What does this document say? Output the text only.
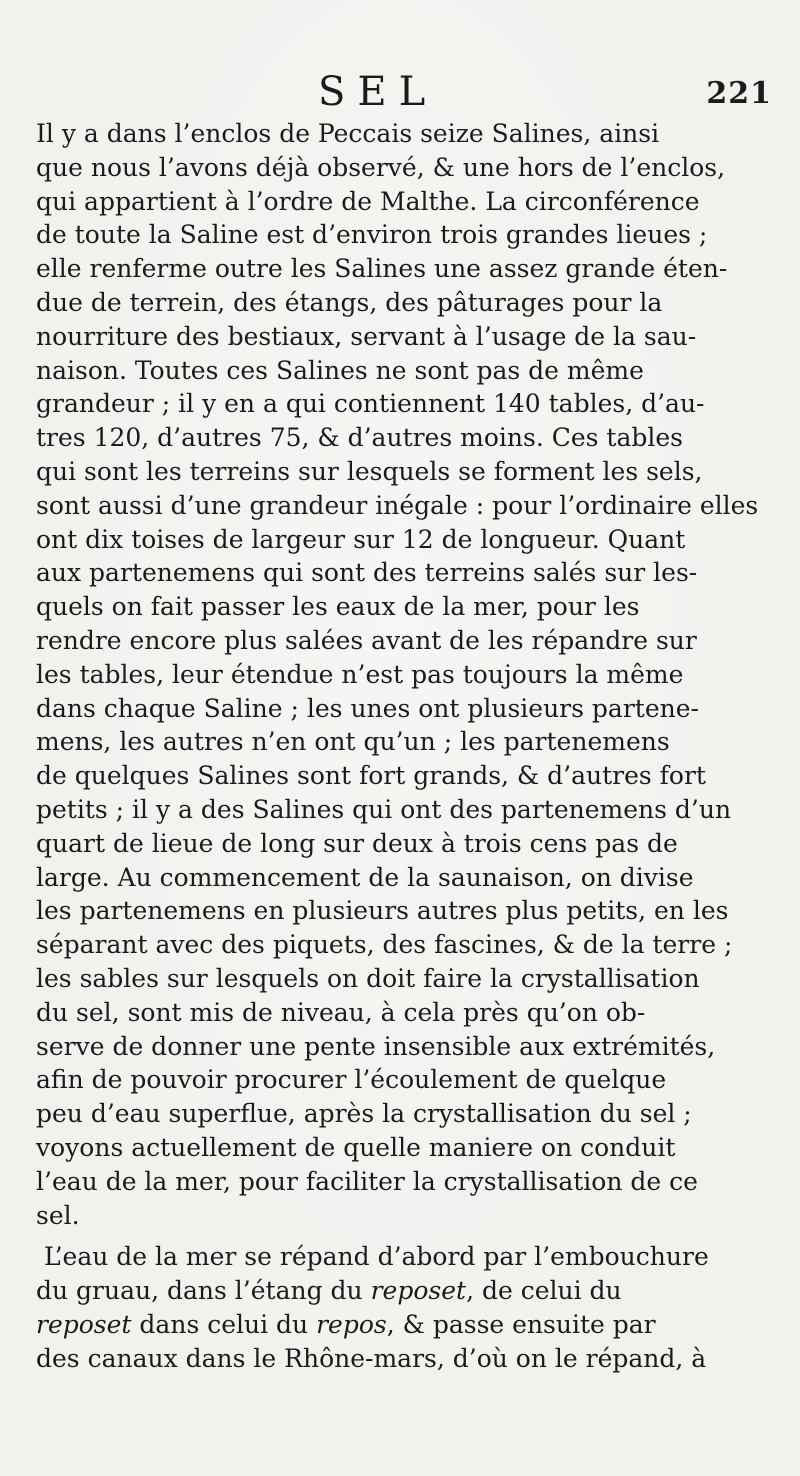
SEL	221
Il y a dans l’enclos de Peccais seize Salines, ainsi
que nous l’avons déjà observé, & une hors de l’enclos,
qui appartient à l’ordre de Malthe. La circonférence
de toute la Saline est d’environ trois grandes lieues ;
elle renferme outre les Salines une assez grande éten-
due de terrein, des étangs, des pâturages pour la
nourriture des bestiaux, servant à l’usage de la sau-
naison. Toutes ces Salines ne sont pas de même
grandeur ; il y en a qui contiennent 140 tables, d’au-
tres 120, d’autres 75, & d’autres moins. Ces tables
qui sont les terreins sur lesquels se forment les sels,
sont aussi d’une grandeur inégale : pour l’ordinaire elles
ont dix toises de largeur sur 12 de longueur. Quant
aux partenemens qui sont des terreins salés sur les-
quels on fait passer les eaux de la mer, pour les
rendre encore plus salées avant de les répandre sur
les tables, leur étendue n’est pas toujours la même
dans chaque Saline ; les unes ont plusieurs partene-
mens, les autres n’en ont qu’un ; les partenemens
de quelques Salines sont fort grands, & d’autres fort
petits ; il y a des Salines qui ont des partenemens d’un
quart de lieue de long sur deux à trois cens pas de
large. Au commencement de la saunaison, on divise
les partenemens en plusieurs autres plus petits, en les
séparant avec des piquets, des fascines, & de la terre ;
les sables sur lesquels on doit faire la crystallisation
du sel, sont mis de niveau, à cela près qu’on ob-
serve de donner une pente insensible aux extrémités,
afin de pouvoir procurer l’écoulement de quelque
peu d’eau superflue, après la crystallisation du sel ;
voyons actuellement de quelle maniere on conduit
l’eau de la mer, pour faciliter la crystallisation de ce
sel.
L’eau de la mer se répand d’abord par l’embouchure
du gruau, dans l’étang du reposet, de celui du
reposet dans celui du repos, & passe ensuite par
des canaux dans le Rhône-mars, d’où on le répand, à
